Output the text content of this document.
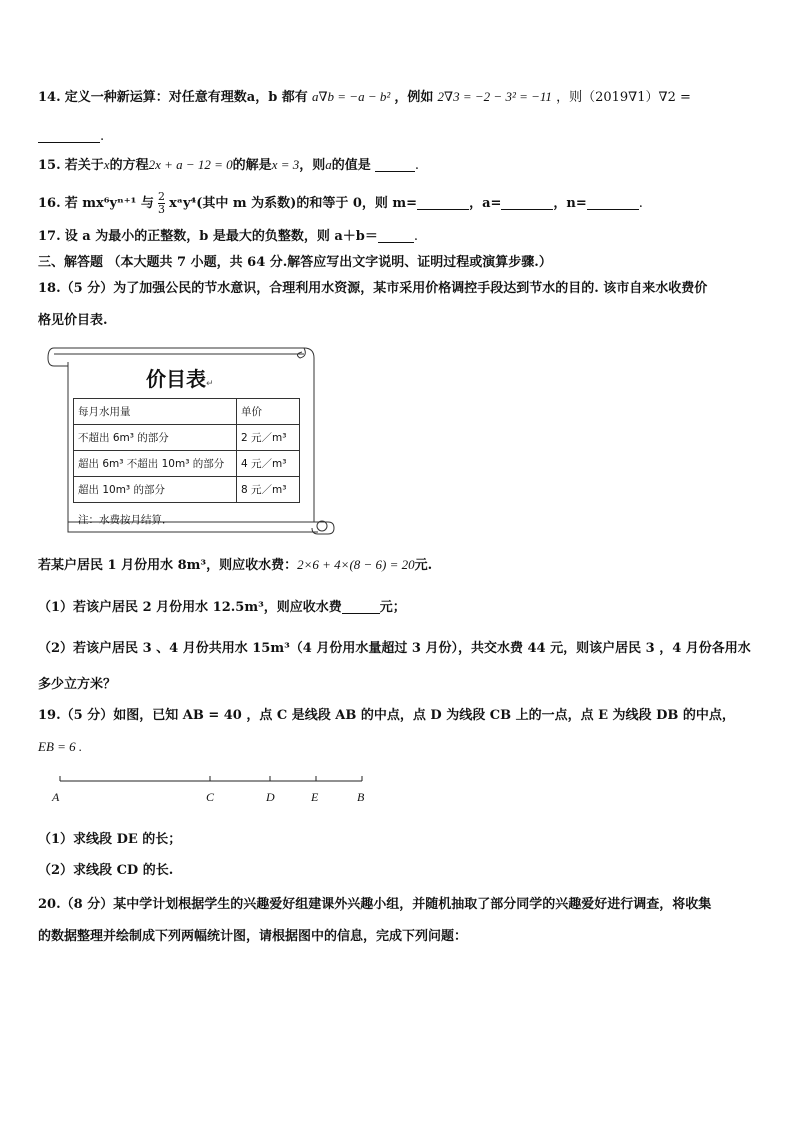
14. 定义一种新运算：对任意有理数a，b 都有 a∇b = −a − b² ，例如 2∇3 = −2 − 3² = −11 ，则（2019∇1）∇2 =
.
15. 若关于x的方程2x + a − 12 = 0的解是x = 3，则a的值是	.
16. 若 mx⁶yⁿ⁺¹ 与 $\frac{2}{3}$ xᵃy⁴(其中 m 为系数)的和等于 0，则 m=	，a=	，n=	.
17. 设 a 为最小的正整数，b 是最大的负整数，则 a＋b＝	.
三、解答题 （本大题共 7 小题，共 64 分.解答应写出文字说明、证明过程或演算步骤.）
18.（5 分）为了加强公民的节水意识，合理利用水资源，某市采用价格调控手段达到节水的目的. 该市自来水收费价
格见价目表.
价目表↵
每月水用量	单价
不超出 6m³ 的部分	2 元／m³
超出 6m³ 不超出 10m³ 的部分	4 元／m³
超出 10m³ 的部分	8 元／m³
注：水费按月结算．
若某户居民 1 月份用水 8m³，则应收水费：2×6 + 4×(8 − 6) = 20元.
（1）若该户居民 2 月份用水 12.5m³，则应收水费	元；
（2）若该户居民 3 、4 月份共用水 15m³（4 月份用水量超过 3 月份），共交水费 44 元，则该户居民 3 ，4 月份各用水
多少立方米？
19.（5 分）如图，已知 AB = 40 ，点 C 是线段 AB 的中点，点 D 为线段 CB 上的一点，点 E 为线段 DB 的中点，
EB = 6 .
A	C	D	E	B
（1）求线段 DE 的长；
（2）求线段 CD 的长.
20.（8 分）某中学计划根据学生的兴趣爱好组建课外兴趣小组，并随机抽取了部分同学的兴趣爱好进行调查，将收集
的数据整理并绘制成下列两幅统计图，请根据图中的信息，完成下列问题：
